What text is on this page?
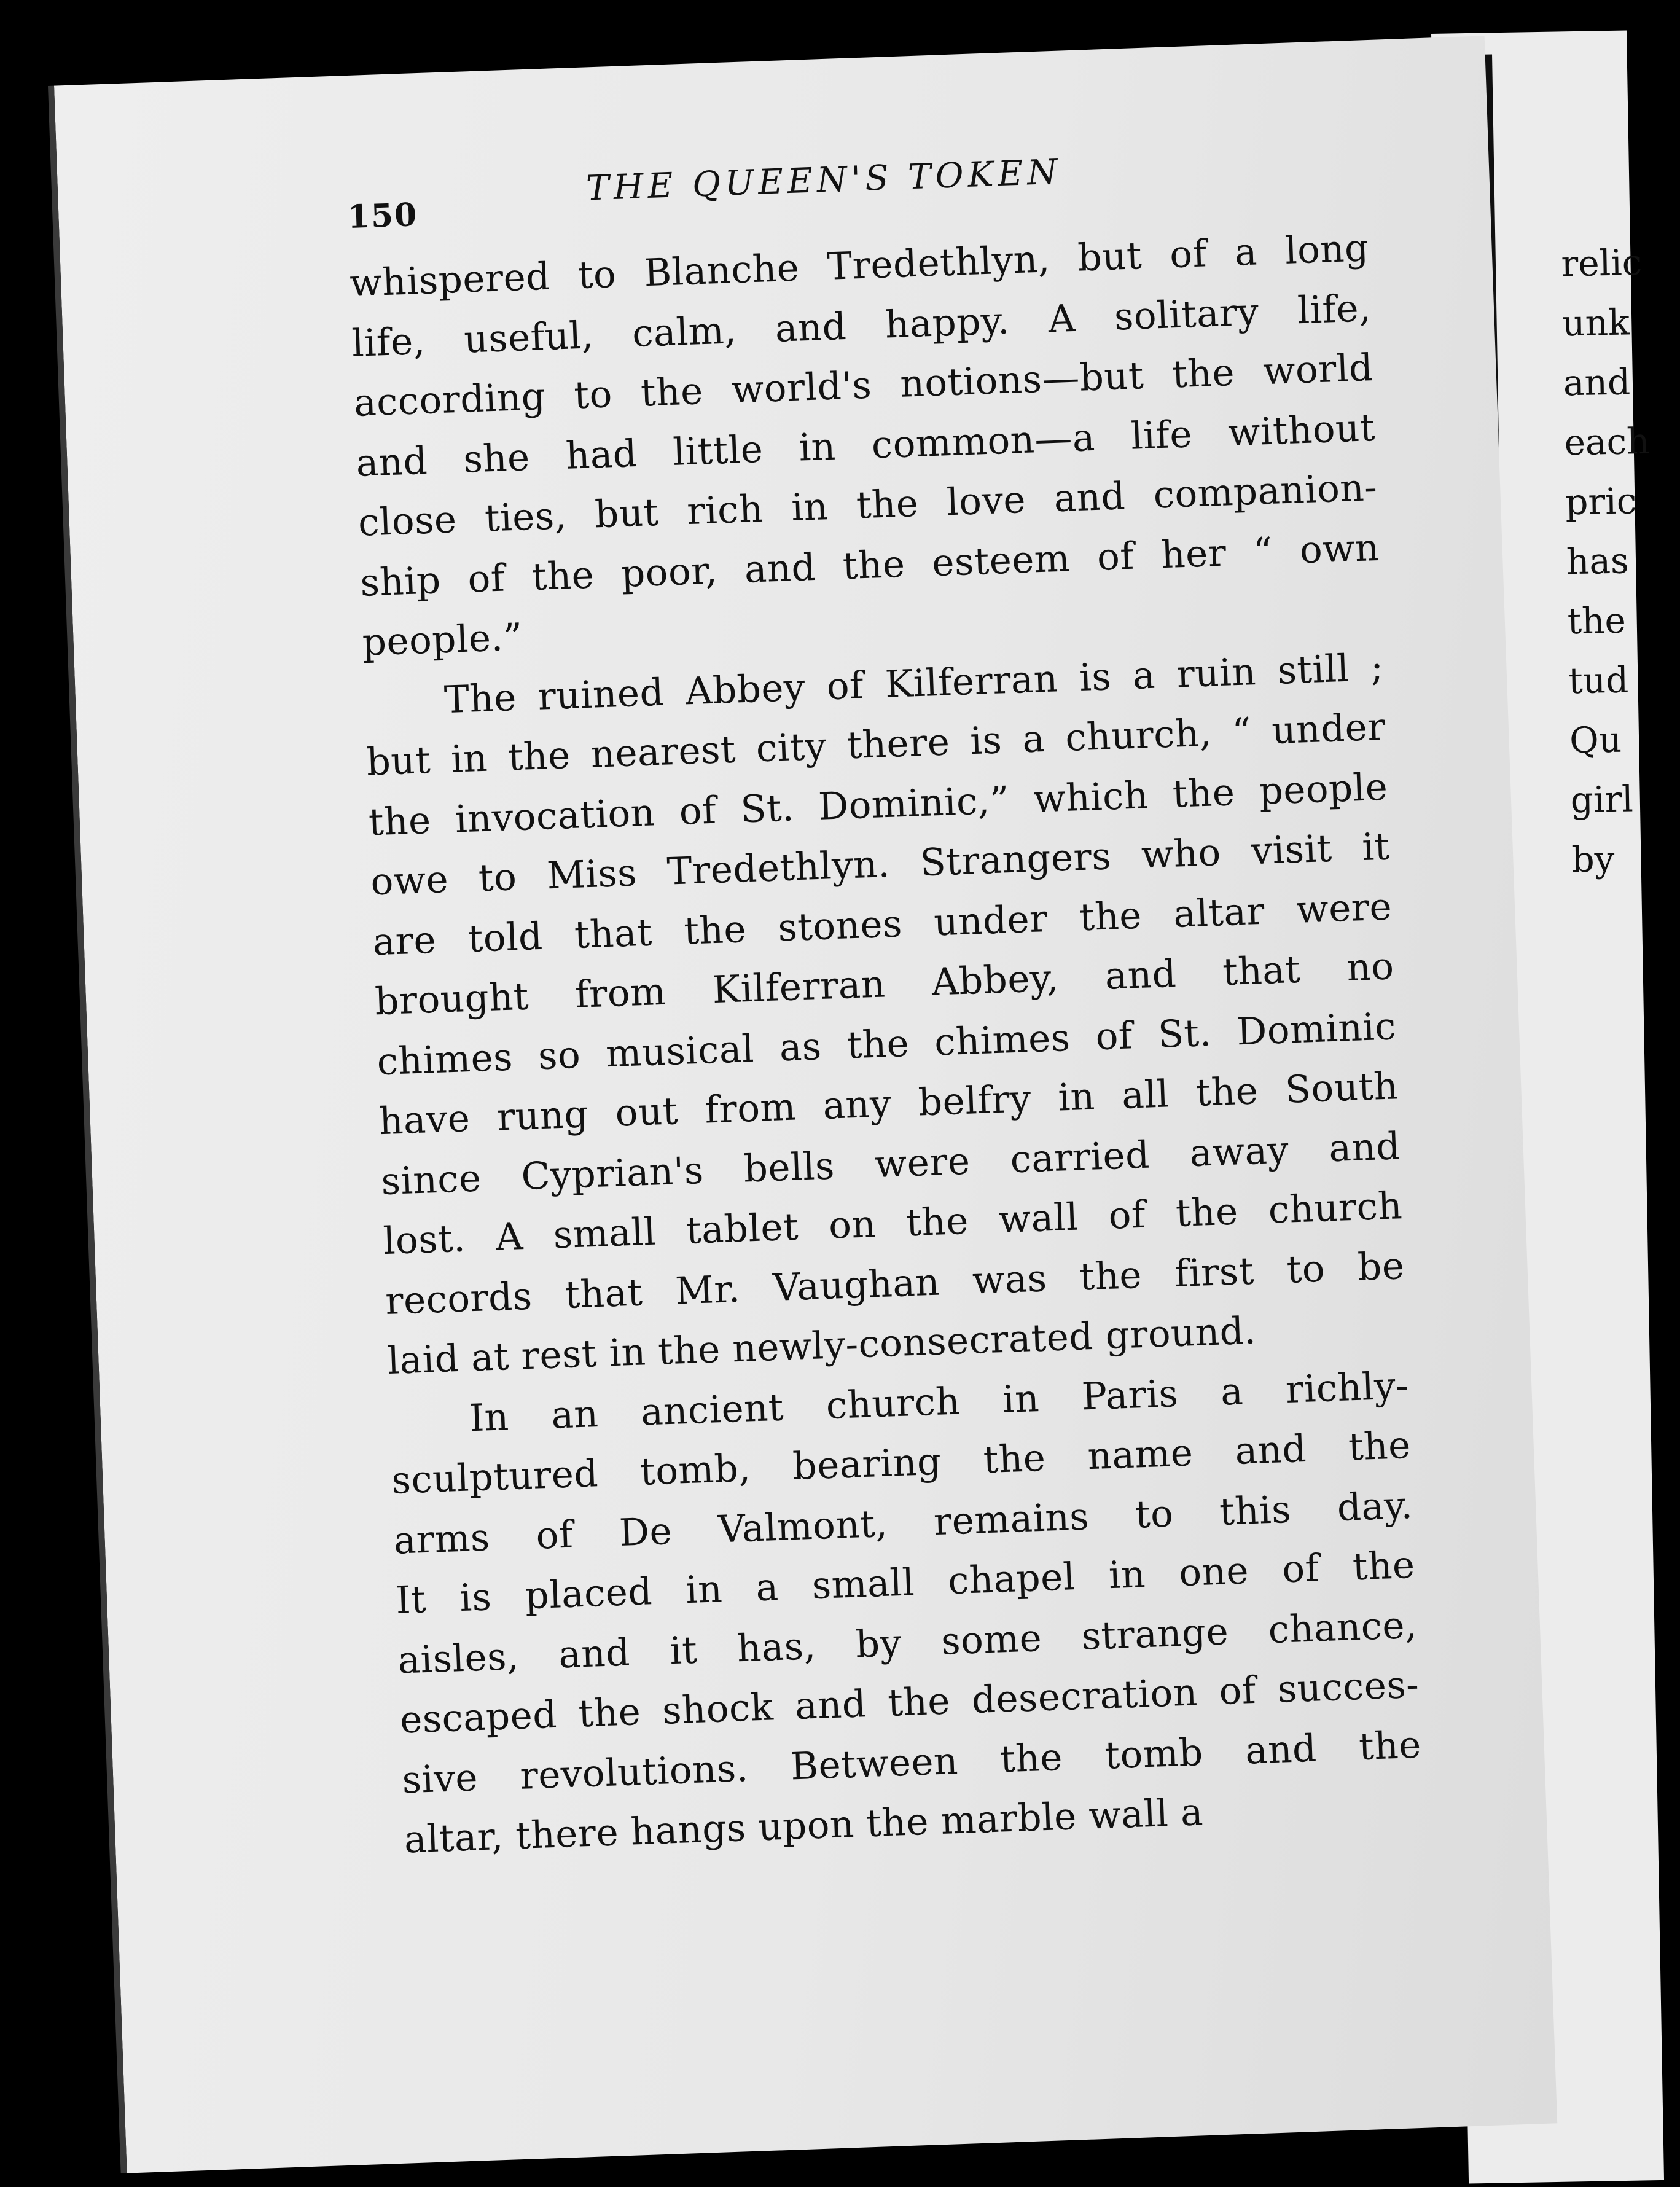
relic
unk
and
each
pric
has
the
tud
Qu
girl
by
150
THE QUEEN'S TOKEN
whispered to Blanche Tredethlyn, but of a long
life, useful, calm, and happy. A solitary life,
according to the world's notions—but the world
and she had little in common—a life without
close ties, but rich in the love and companion-
ship of the poor, and the esteem of her “ own
people.”
The ruined Abbey of Kilferran is a ruin still ;
but in the nearest city there is a church, “ under
the invocation of St. Dominic,” which the people
owe to Miss Tredethlyn. Strangers who visit it
are told that the stones under the altar were
brought from Kilferran Abbey, and that no
chimes so musical as the chimes of St. Dominic
have rung out from any belfry in all the South
since Cyprian's bells were carried away and
lost. A small tablet on the wall of the church
records that Mr. Vaughan was the first to be
laid at rest in the newly-consecrated ground.
In an ancient church in Paris a richly-
sculptured tomb, bearing the name and the
arms of De Valmont, remains to this day.
It is placed in a small chapel in one of the
aisles, and it has, by some strange chance,
escaped the shock and the desecration of succes-
sive revolutions. Between the tomb and the
altar, there hangs upon the marble wall a
